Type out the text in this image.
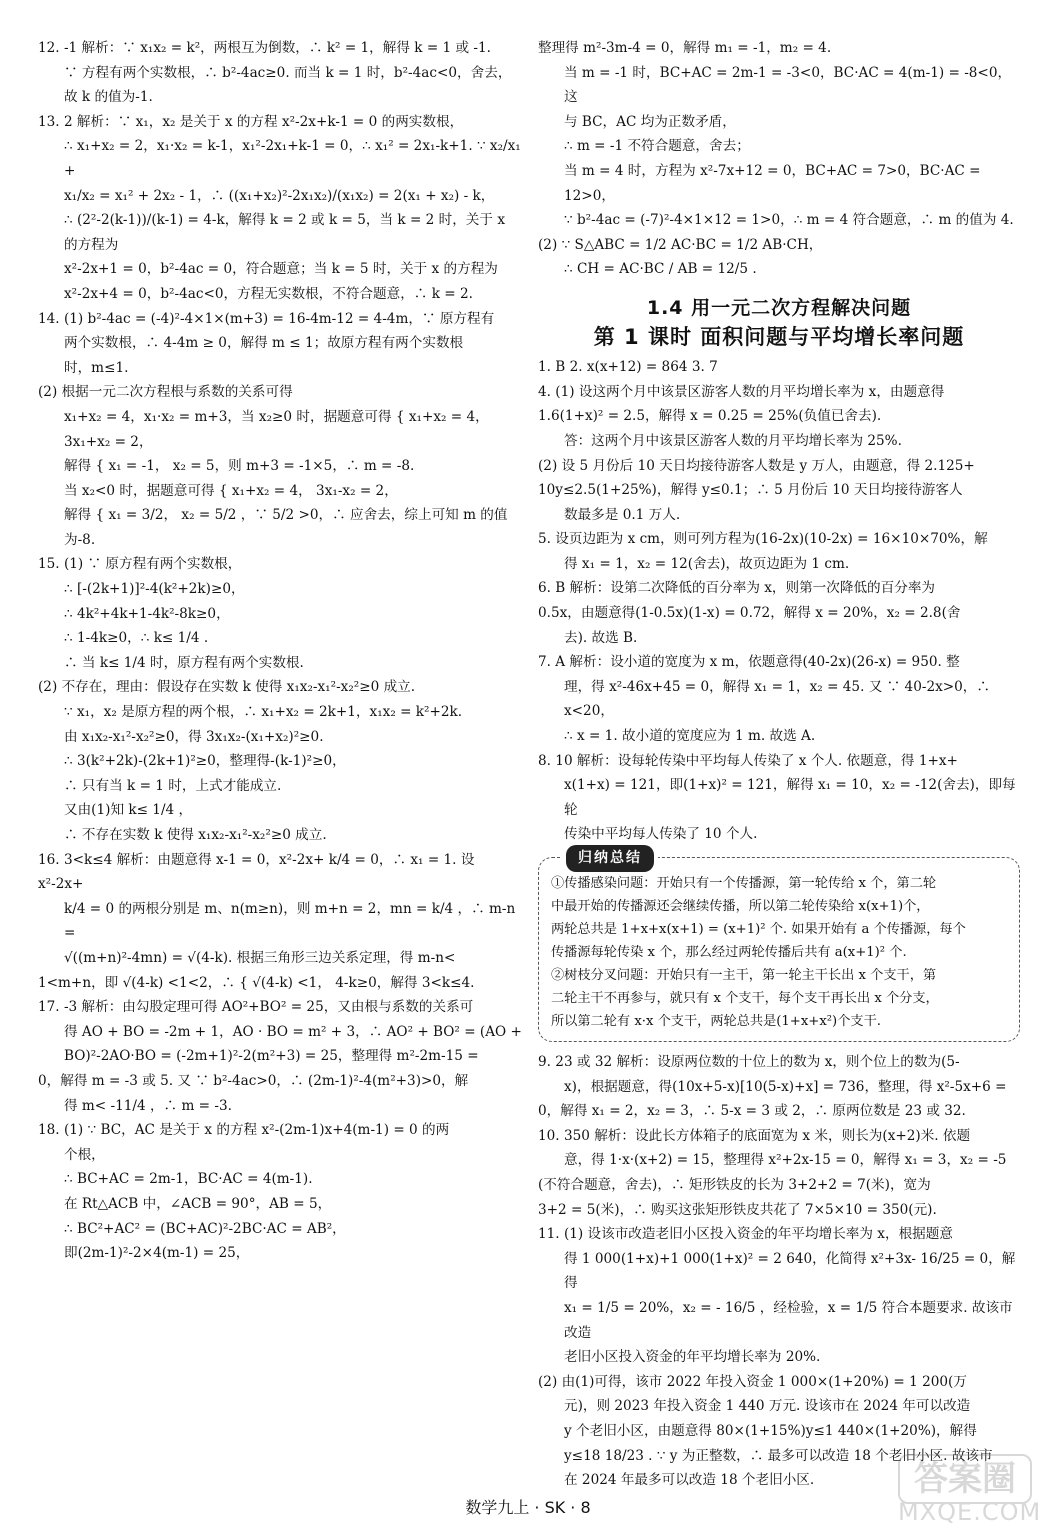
12. -1 解析：∵ x₁x₂ = k²，两根互为倒数，∴ k² = 1，解得 k = 1 或 -1.

∵ 方程有两个实数根，∴ b²-4ac≥0. 而当 k = 1 时，b²-4ac<0，舍去，

故 k 的值为-1.

13. 2 解析：∵ x₁，x₂ 是关于 x 的方程 x²-2x+k-1 = 0 的两实数根，

∴ x₁+x₂ = 2，x₁·x₂ = k-1，x₁²-2x₁+k-1 = 0，∴ x₁² = 2x₁-k+1. ∵ x₂/x₁ +

x₁/x₂ = x₁² + 2x₂ - 1，∴ ((x₁+x₂)²-2x₁x₂)/(x₁x₂) = 2(x₁ + x₂) - k，

∴ (2²-2(k-1))/(k-1) = 4-k，解得 k = 2 或 k = 5，当 k = 2 时，关于 x 的方程为

x²-2x+1 = 0，b²-4ac = 0，符合题意；当 k = 5 时，关于 x 的方程为

x²-2x+4 = 0，b²-4ac<0，方程无实数根，不符合题意，∴ k = 2.

14. (1) b²-4ac = (-4)²-4×1×(m+3) = 16-4m-12 = 4-4m，∵ 原方程有

两个实数根，∴ 4-4m ≥ 0，解得 m ≤ 1；故原方程有两个实数根

时，m≤1.

(2) 根据一元二次方程根与系数的关系可得

x₁+x₂ = 4，x₁·x₂ = m+3，当 x₂≥0 时，据题意可得 { x₁+x₂ = 4， 3x₁+x₂ = 2，

解得 { x₁ = -1， x₂ = 5，则 m+3 = -1×5，∴ m = -8.

当 x₂<0 时，据题意可得 { x₁+x₂ = 4， 3x₁-x₂ = 2，

解得 { x₁ = 3/2， x₂ = 5/2 ，∵ 5/2 >0，∴ 应舍去，综上可知 m 的值为-8.

15. (1) ∵ 原方程有两个实数根，

∴ [-(2k+1)]²-4(k²+2k)≥0，

∴ 4k²+4k+1-4k²-8k≥0，

∴ 1-4k≥0，∴ k≤ 1/4 .

∴ 当 k≤ 1/4 时，原方程有两个实数根.

(2) 不存在，理由：假设存在实数 k 使得 x₁x₂-x₁²-x₂²≥0 成立.

∵ x₁，x₂ 是原方程的两个根，∴ x₁+x₂ = 2k+1，x₁x₂ = k²+2k.

由 x₁x₂-x₁²-x₂²≥0，得 3x₁x₂-(x₁+x₂)²≥0.

∴ 3(k²+2k)-(2k+1)²≥0，整理得-(k-1)²≥0，

∴ 只有当 k = 1 时，上式才能成立.

又由(1)知 k≤ 1/4 ，

∴ 不存在实数 k 使得 x₁x₂-x₁²-x₂²≥0 成立.

16. 3<k≤4 解析：由题意得 x-1 = 0，x²-2x+ k/4 = 0，∴ x₁ = 1. 设 x²-2x+

k/4 = 0 的两根分别是 m、n(m≥n)，则 m+n = 2，mn = k/4 ，∴ m-n =

√((m+n)²-4mn) = √(4-k). 根据三角形三边关系定理，得 m-n<

1<m+n，即 √(4-k) <1<2，∴ { √(4-k) <1， 4-k≥0，解得 3<k≤4.

17. -3 解析：由勾股定理可得 AO²+BO² = 25，又由根与系数的关系可

得 AO + BO = -2m + 1，AO · BO = m² + 3，∴ AO² + BO² = (AO +

BO)²-2AO·BO = (-2m+1)²-2(m²+3) = 25，整理得 m²-2m-15 =

0，解得 m = -3 或 5. 又 ∵ b²-4ac>0，∴ (2m-1)²-4(m²+3)>0，解

得 m< -11/4 ，∴ m = -3.

18. (1) ∵ BC，AC 是关于 x 的方程 x²-(2m-1)x+4(m-1) = 0 的两

个根，

∴ BC+AC = 2m-1，BC·AC = 4(m-1).

在 Rt△ACB 中，∠ACB = 90°，AB = 5，

∴ BC²+AC² = (BC+AC)²-2BC·AC = AB²，

即(2m-1)²-2×4(m-1) = 25，

整理得 m²-3m-4 = 0，解得 m₁ = -1，m₂ = 4.

当 m = -1 时，BC+AC = 2m-1 = -3<0，BC·AC = 4(m-1) = -8<0，这

与 BC，AC 均为正数矛盾，

∴ m = -1 不符合题意，舍去；

当 m = 4 时，方程为 x²-7x+12 = 0，BC+AC = 7>0，BC·AC = 12>0，

∵ b²-4ac = (-7)²-4×1×12 = 1>0，∴ m = 4 符合题意，∴ m 的值为 4.

(2) ∵ S△ABC = 1/2 AC·BC = 1/2 AB·CH，

∴ CH = AC·BC / AB = 12/5 .

1.4 用一元二次方程解决问题
第 1 课时 面积问题与平均增长率问题

1. B 2. x(x+12) = 864 3. 7

4. (1) 设这两个月中该景区游客人数的月平均增长率为 x，由题意得

1.6(1+x)² = 2.5，解得 x = 0.25 = 25%(负值已舍去).

答：这两个月中该景区游客人数的月平均增长率为 25%.

(2) 设 5 月份后 10 天日均接待游客人数是 y 万人，由题意，得 2.125+

10y≤2.5(1+25%)，解得 y≤0.1；∴ 5 月份后 10 天日均接待游客人

数最多是 0.1 万人.

5. 设页边距为 x cm，则可列方程为(16-2x)(10-2x) = 16×10×70%，解

得 x₁ = 1，x₂ = 12(舍去)，故页边距为 1 cm.

6. B 解析：设第二次降低的百分率为 x，则第一次降低的百分率为

0.5x，由题意得(1-0.5x)(1-x) = 0.72，解得 x = 20%，x₂ = 2.8(舍

去). 故选 B.

7. A 解析：设小道的宽度为 x m，依题意得(40-2x)(26-x) = 950. 整

理，得 x²-46x+45 = 0，解得 x₁ = 1，x₂ = 45. 又 ∵ 40-2x>0，∴ x<20，

∴ x = 1. 故小道的宽度应为 1 m. 故选 A.

8. 10 解析：设每轮传染中平均每人传染了 x 个人. 依题意，得 1+x+

x(1+x) = 121，即(1+x)² = 121，解得 x₁ = 10，x₂ = -12(舍去)，即每轮

传染中平均每人传染了 10 个人.

归纳总结

①传播感染问题：开始只有一个传播源，第一轮传给 x 个，第二轮

中最开始的传播源还会继续传播，所以第二轮传染给 x(x+1)个，

两轮总共是 1+x+x(x+1) = (x+1)² 个. 如果开始有 a 个传播源，每个

传播源每轮传染 x 个，那么经过两轮传播后共有 a(x+1)² 个.

②树枝分叉问题：开始只有一主干，第一轮主干长出 x 个支干，第

二轮主干不再参与，就只有 x 个支干，每个支干再长出 x 个分支，

所以第二轮有 x·x 个支干，两轮总共是(1+x+x²)个支干.

9. 23 或 32 解析：设原两位数的十位上的数为 x，则个位上的数为(5-

x)，根据题意，得(10x+5-x)[10(5-x)+x] = 736，整理，得 x²-5x+6 =

0，解得 x₁ = 2，x₂ = 3，∴ 5-x = 3 或 2，∴ 原两位数是 23 或 32.

10. 350 解析：设此长方体箱子的底面宽为 x 米，则长为(x+2)米. 依题

意，得 1·x·(x+2) = 15，整理得 x²+2x-15 = 0，解得 x₁ = 3，x₂ = -5

(不符合题意，舍去)，∴ 矩形铁皮的长为 3+2+2 = 7(米)，宽为

3+2 = 5(米)，∴ 购买这张矩形铁皮共花了 7×5×10 = 350(元).

11. (1) 设该市改造老旧小区投入资金的年平均增长率为 x，根据题意

得 1 000(1+x)+1 000(1+x)² = 2 640，化简得 x²+3x- 16/25 = 0，解得

x₁ = 1/5 = 20%，x₂ = - 16/5 ，经检验，x = 1/5 符合本题要求. 故该市改造

老旧小区投入资金的年平均增长率为 20%.

(2) 由(1)可得，该市 2022 年投入资金 1 000×(1+20%) = 1 200(万

元)，则 2023 年投入资金 1 440 万元. 设该市在 2024 年可以改造

y 个老旧小区，由题意得 80×(1+15%)y≤1 440×(1+20%)，解得

y≤18 18/23 . ∵ y 为正整数，∴ 最多可以改造 18 个老旧小区. 故该市

在 2024 年最多可以改造 18 个老旧小区.

数学九上 · SK · 8
答案圈
MXQE.COM
